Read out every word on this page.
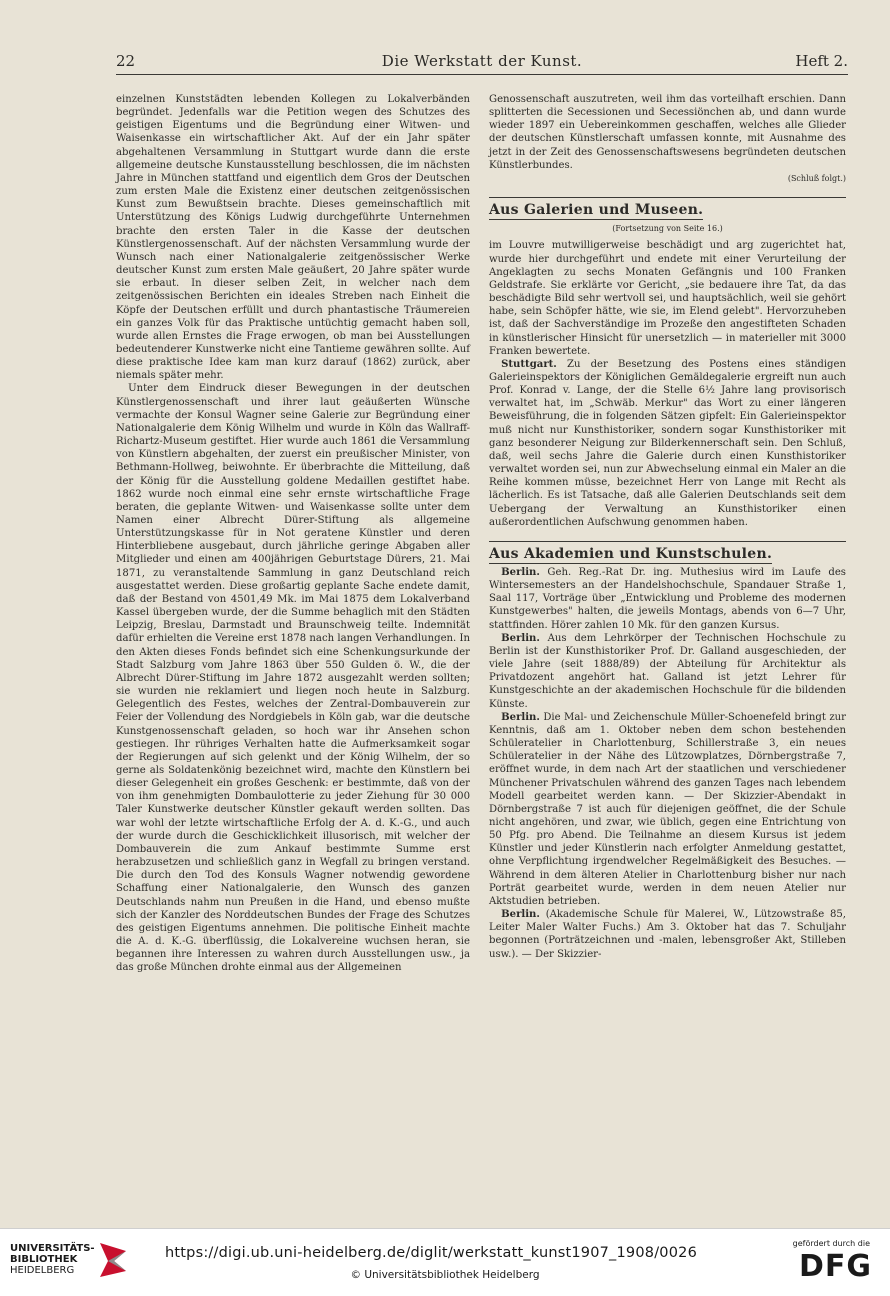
22	Die Werkstatt der Kunst.	Heft 2.

einzelnen Kunststädten lebenden Kollegen zu Lokalverbänden begründet. Jedenfalls war die Petition wegen des Schutzes des geistigen Eigentums und die Begründung einer Witwen- und Waisenkasse ein wirtschaftlicher Akt. Auf der ein Jahr später abgehaltenen Versammlung in Stuttgart wurde dann die erste allgemeine deutsche Kunstausstellung beschlossen, die im nächsten Jahre in München stattfand und eigentlich dem Gros der Deutschen zum ersten Male die Existenz einer deutschen zeitgenössischen Kunst zum Bewußtsein brachte. Dieses gemeinschaftlich mit Unterstützung des Königs Ludwig durchgeführte Unternehmen brachte den ersten Taler in die Kasse der deutschen Künstlergenossenschaft. Auf der nächsten Versammlung wurde der Wunsch nach einer Nationalgalerie zeitgenössischer Werke deutscher Kunst zum ersten Male geäußert, 20 Jahre später wurde sie erbaut. In dieser selben Zeit, in welcher nach dem zeitgenössischen Berichten ein ideales Streben nach Einheit die Köpfe der Deutschen erfüllt und durch phantastische Träumereien ein ganzes Volk für das Praktische untüchtig gemacht haben soll, wurde allen Ernstes die Frage erwogen, ob man bei Ausstellungen bedeutenderer Kunstwerke nicht eine Tantieme gewähren sollte. Auf diese praktische Idee kam man kurz darauf (1862) zurück, aber niemals später mehr.

Unter dem Eindruck dieser Bewegungen in der deutschen Künstlergenossenschaft und ihrer laut geäußerten Wünsche vermachte der Konsul Wagner seine Galerie zur Begründung einer Nationalgalerie dem König Wilhelm und wurde in Köln das Wallraff-Richartz-Museum gestiftet. Hier wurde auch 1861 die Versammlung von Künstlern abgehalten, der zuerst ein preußischer Minister, von Bethmann-Hollweg, beiwohnte. Er überbrachte die Mitteilung, daß der König für die Ausstellung goldene Medaillen gestiftet habe. 1862 wurde noch einmal eine sehr ernste wirtschaftliche Frage beraten, die geplante Witwen- und Waisenkasse sollte unter dem Namen einer Albrecht Dürer-Stiftung als allgemeine Unterstützungskasse für in Not geratene Künstler und deren Hinterbliebene ausgebaut, durch jährliche geringe Abgaben aller Mitglieder und einen am 400jährigen Geburtstage Dürers, 21. Mai 1871, zu veranstaltende Sammlung in ganz Deutschland reich ausgestattet werden. Diese großartig geplante Sache endete damit, daß der Bestand von 4501,49 Mk. im Mai 1875 dem Lokalverband Kassel übergeben wurde, der die Summe behaglich mit den Städten Leipzig, Breslau, Darmstadt und Braunschweig teilte. Indemnität dafür erhielten die Vereine erst 1878 nach langen Verhandlungen. In den Akten dieses Fonds befindet sich eine Schenkungsurkunde der Stadt Salzburg vom Jahre 1863 über 550 Gulden ö. W., die der Albrecht Dürer-Stiftung im Jahre 1872 ausgezahlt werden sollten; sie wurden nie reklamiert und liegen noch heute in Salzburg. Gelegentlich des Festes, welches der Zentral-Dombauverein zur Feier der Vollendung des Nordgiebels in Köln gab, war die deutsche Kunstgenossenschaft geladen, so hoch war ihr Ansehen schon gestiegen. Ihr rühriges Verhalten hatte die Aufmerksamkeit sogar der Regierungen auf sich gelenkt und der König Wilhelm, der so gerne als Soldatenkönig bezeichnet wird, machte den Künstlern bei dieser Gelegenheit ein großes Geschenk: er bestimmte, daß von der von ihm genehmigten Dombaulotterie zu jeder Ziehung für 30 000 Taler Kunstwerke deutscher Künstler gekauft werden sollten. Das war wohl der letzte wirtschaftliche Erfolg der A. d. K.-G., und auch der wurde durch die Geschicklichkeit illusorisch, mit welcher der Dombauverein die zum Ankauf bestimmte Summe erst herabzusetzen und schließlich ganz in Wegfall zu bringen verstand. Die durch den Tod des Konsuls Wagner notwendig gewordene Schaffung einer Nationalgalerie, den Wunsch des ganzen Deutschlands nahm nun Preußen in die Hand, und ebenso mußte sich der Kanzler des Norddeutschen Bundes der Frage des Schutzes des geistigen Eigentums annehmen. Die politische Einheit machte die A. d. K.-G. überflüssig, die Lokalvereine wuchsen heran, sie begannen ihre Interessen zu wahren durch Ausstellungen usw., ja das große München drohte einmal aus der Allgemeinen

Genossenschaft auszutreten, weil ihm das vorteilhaft erschien. Dann splitterten die Secessionen und Secessiönchen ab, und dann wurde wieder 1897 ein Uebereinkommen geschaffen, welches alle Glieder der deutschen Künstlerschaft umfassen konnte, mit Ausnahme des jetzt in der Zeit des Genossenschaftswesens begründeten deutschen Künstlerbundes.

(Schluß folgt.)
Aus Galerien und Museen.
(Fortsetzung von Seite 16.)

im Louvre mutwilligerweise beschädigt und arg zugerichtet hat, wurde hier durchgeführt und endete mit einer Verurteilung der Angeklagten zu sechs Monaten Gefängnis und 100 Franken Geldstrafe. Sie erklärte vor Gericht, „sie bedauere ihre Tat, da das beschädigte Bild sehr wertvoll sei, und hauptsächlich, weil sie gehört habe, sein Schöpfer hätte, wie sie, im Elend gelebt". Hervorzuheben ist, daß der Sachverständige im Prozeße den angestifteten Schaden in künstlerischer Hinsicht für unersetzlich — in materieller mit 3000 Franken bewertete.

Stuttgart. Zu der Besetzung des Postens eines ständigen Galerieinspektors der Königlichen Gemäldegalerie ergreift nun auch Prof. Konrad v. Lange, der die Stelle 6½ Jahre lang provisorisch verwaltet hat, im „Schwäb. Merkur" das Wort zu einer längeren Beweisführung, die in folgenden Sätzen gipfelt: Ein Galerieinspektor muß nicht nur Kunsthistoriker, sondern sogar Kunsthistoriker mit ganz besonderer Neigung zur Bilderkennerschaft sein. Den Schluß, daß, weil sechs Jahre die Galerie durch einen Kunsthistoriker verwaltet worden sei, nun zur Abwechselung einmal ein Maler an die Reihe kommen müsse, bezeichnet Herr von Lange mit Recht als lächerlich. Es ist Tatsache, daß alle Galerien Deutschlands seit dem Uebergang der Verwaltung an Kunsthistoriker einen außerordentlichen Aufschwung genommen haben.

Aus Akademien und Kunstschulen.

Berlin. Geh. Reg.-Rat Dr. ing. Muthesius wird im Laufe des Wintersemesters an der Handelshochschule, Spandauer Straße 1, Saal 117, Vorträge über „Entwicklung und Probleme des modernen Kunstgewerbes" halten, die jeweils Montags, abends von 6—7 Uhr, stattfinden. Hörer zahlen 10 Mk. für den ganzen Kursus.

Berlin. Aus dem Lehrkörper der Technischen Hochschule zu Berlin ist der Kunsthistoriker Prof. Dr. Galland ausgeschieden, der viele Jahre (seit 1888/89) der Abteilung für Architektur als Privatdozent angehört hat. Galland ist jetzt Lehrer für Kunstgeschichte an der akademischen Hochschule für die bildenden Künste.

Berlin. Die Mal- und Zeichenschule Müller-Schoenefeld bringt zur Kenntnis, daß am 1. Oktober neben dem schon bestehenden Schüleratelier in Charlottenburg, Schillerstraße 3, ein neues Schüleratelier in der Nähe des Lützowplatzes, Dörnbergstraße 7, eröffnet wurde, in dem nach Art der staatlichen und verschiedener Münchener Privatschulen während des ganzen Tages nach lebendem Modell gearbeitet werden kann. — Der Skizzier-Abendakt in Dörnbergstraße 7 ist auch für diejenigen geöffnet, die der Schule nicht angehören, und zwar, wie üblich, gegen eine Entrichtung von 50 Pfg. pro Abend. Die Teilnahme an diesem Kursus ist jedem Künstler und jeder Künstlerin nach erfolgter Anmeldung gestattet, ohne Verpflichtung irgendwelcher Regelmäßigkeit des Besuches. — Während in dem älteren Atelier in Charlottenburg bisher nur nach Porträt gearbeitet wurde, werden in dem neuen Atelier nur Aktstudien betrieben.

Berlin. (Akademische Schule für Malerei, W., Lützowstraße 85, Leiter Maler Walter Fuchs.) Am 3. Oktober hat das 7. Schuljahr begonnen (Porträtzeichnen und -malen, lebensgroßer Akt, Stilleben usw.). — Der Skizzier-

UNIVERSITÄTS-
BIBLIOTHEK
HEIDELBERG
https://digi.ub.uni-heidelberg.de/diglit/werkstatt_kunst1907_1908/0026
© Universitätsbibliothek Heidelberg
gefördert durch die
DFG
